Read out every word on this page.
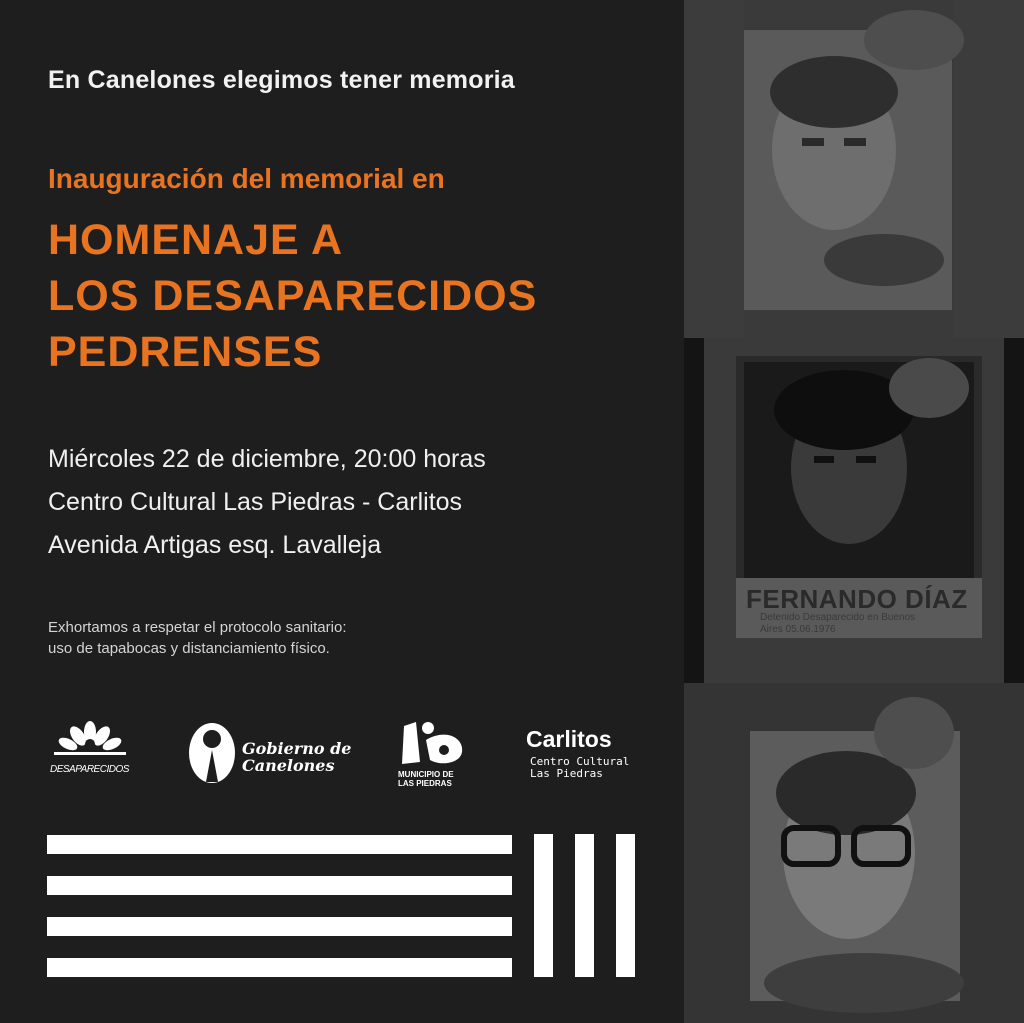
En Canelones elegimos tener memoria
Inauguración del memorial en
HOMENAJE A
LOS DESAPARECIDOS
PEDRENSES
Miércoles 22 de diciembre, 20:00 horas
Centro Cultural Las Piedras - Carlitos
Avenida Artigas esq. Lavalleja
Exhortamos a respetar el protocolo sanitario:
uso de tapabocas y distanciamiento físico.
FERNANDO DÍAZ
Detenido Desaparecido en Buenos Aires 05.06.1976
DESAPARECIDOS
Gobierno de
Canelones	MUNICIPIO DE
LAS PIEDRAS
Carlitos
Centro Cultural
Las Piedras
